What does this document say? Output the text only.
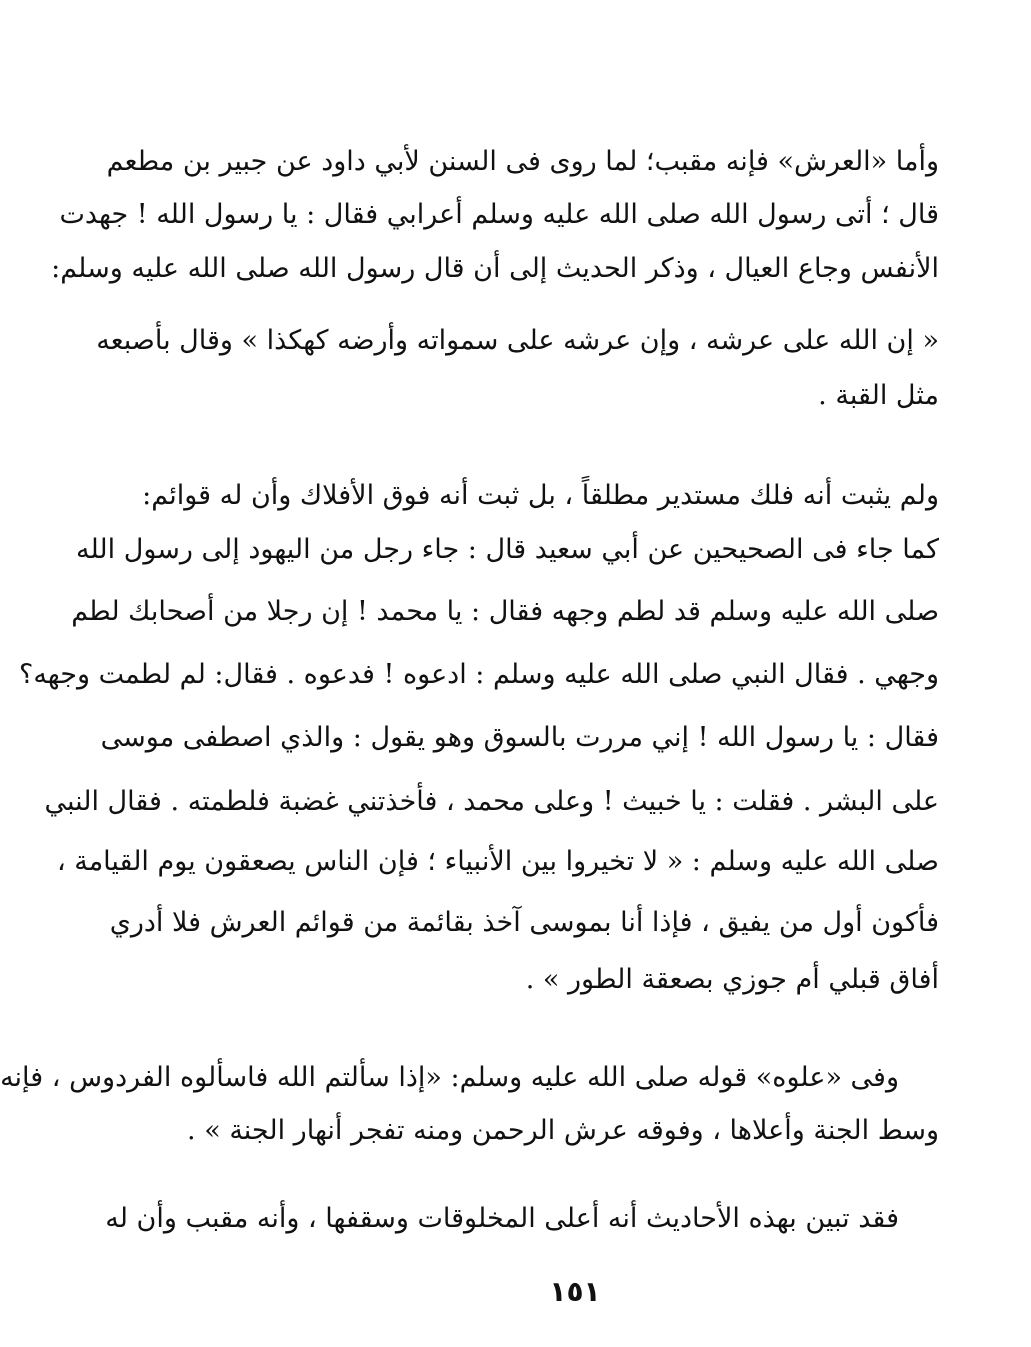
وأما «العرش» فإنه مقبب؛ لما روى فى السنن لأبي داود عن جبير بن مطعم
قال ؛ أتى رسول الله صلى الله عليه وسلم أعرابي فقال : يا رسول الله ! جهدت
الأنفس وجاع العيال ، وذكر الحديث إلى أن قال رسول الله صلى الله عليه وسلم:
« إن الله على عرشه ، وإن عرشه على سمواته وأرضه كهكذا » وقال بأصبعه
مثل القبة .
ولم يثبت أنه فلك مستدير مطلقاً ، بل ثبت أنه فوق الأفلاك وأن له قوائم:
كما جاء فى الصحيحين عن أبي سعيد قال : جاء رجل من اليهود إلى رسول الله
صلى الله عليه وسلم قد لطم وجهه فقال : يا محمد ! إن رجلا من أصحابك لطم
وجهي . فقال النبي صلى الله عليه وسلم : ادعوه ! فدعوه . فقال: لم لطمت وجهه؟
فقال : يا رسول الله ! إني مررت بالسوق وهو يقول : والذي اصطفى موسى
على البشر . فقلت : يا خبيث ! وعلى محمد ، فأخذتني غضبة فلطمته . فقال النبي
صلى الله عليه وسلم : « لا تخيروا بين الأنبياء ؛ فإن الناس يصعقون يوم القيامة ،
فأكون أول من يفيق ، فإذا أنا بموسى آخذ بقائمة من قوائم العرش فلا أدري
أفاق قبلي أم جوزي بصعقة الطور » .
وفى «علوه» قوله صلى الله عليه وسلم: «إذا سألتم الله فاسألوه الفردوس ، فإنه
وسط الجنة وأعلاها ، وفوقه عرش الرحمن ومنه تفجر أنهار الجنة » .
فقد تبين بهذه الأحاديث أنه أعلى المخلوقات وسقفها ، وأنه مقبب وأن له
١٥١
